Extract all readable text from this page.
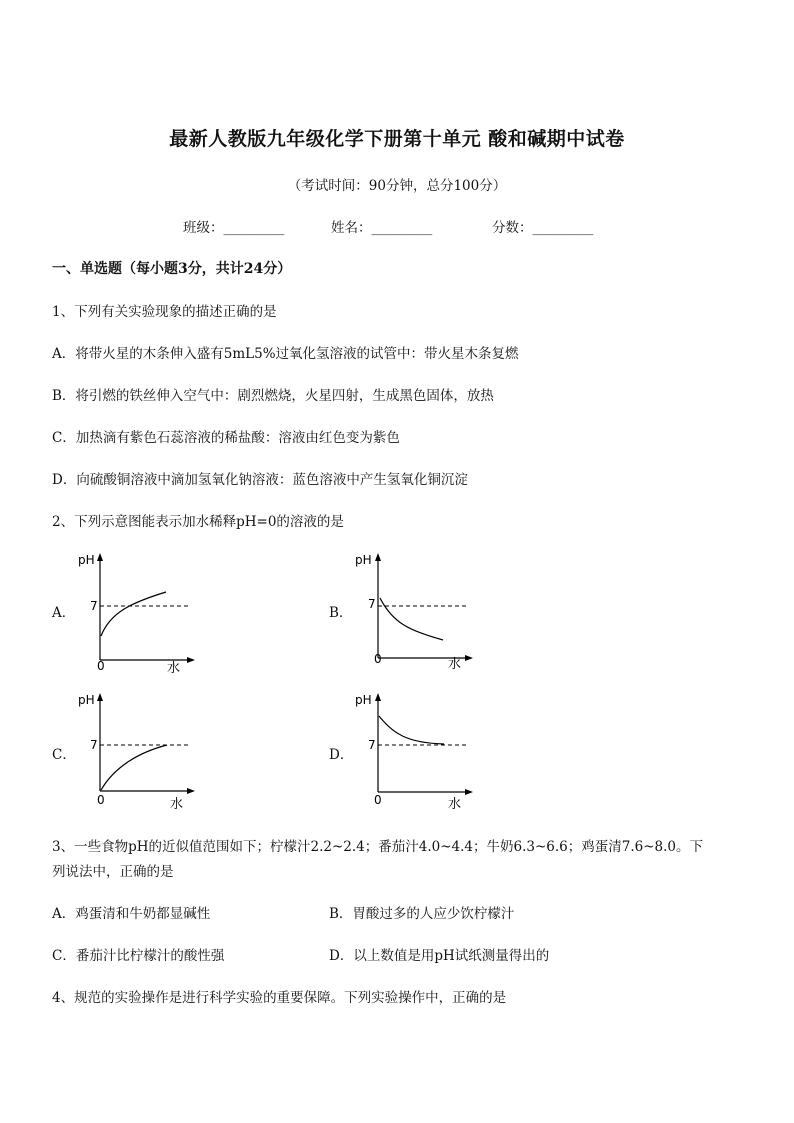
最新人教版九年级化学下册第十单元 酸和碱期中试卷
（考试时间：90分钟，总分100分）
班级：_________	姓名：_________	分数：_________
一、单选题（每小题3分，共计24分）
1、下列有关实验现象的描述正确的是
A．将带火星的木条伸入盛有5mL5%过氧化氢溶液的试管中：带火星木条复燃
B．将引燃的铁丝伸入空气中：剧烈燃烧，火星四射，生成黑色固体，放热
C．加热滴有紫色石蕊溶液的稀盐酸：溶液由红色变为紫色
D．向硫酸铜溶液中滴加氢氧化钠溶液：蓝色溶液中产生氢氧化铜沉淀
2、下列示意图能表示加水稀释pH=0的溶液的是
A．
pH
7
0	水
B．
pH
7
0	水
C．
pH
7
0	水
D．
pH
7
0	水
3、一些食物pH的近似值范围如下；柠檬汁2.2~2.4；番茄汁4.0~4.4；牛奶6.3~6.6；鸡蛋清7.6~8.0。下
列说法中，正确的是
A．鸡蛋清和牛奶都显碱性	B．胃酸过多的人应少饮柠檬汁
C．番茄汁比柠檬汁的酸性强	D．以上数值是用pH试纸测量得出的
4、规范的实验操作是进行科学实验的重要保障。下列实验操作中，正确的是
